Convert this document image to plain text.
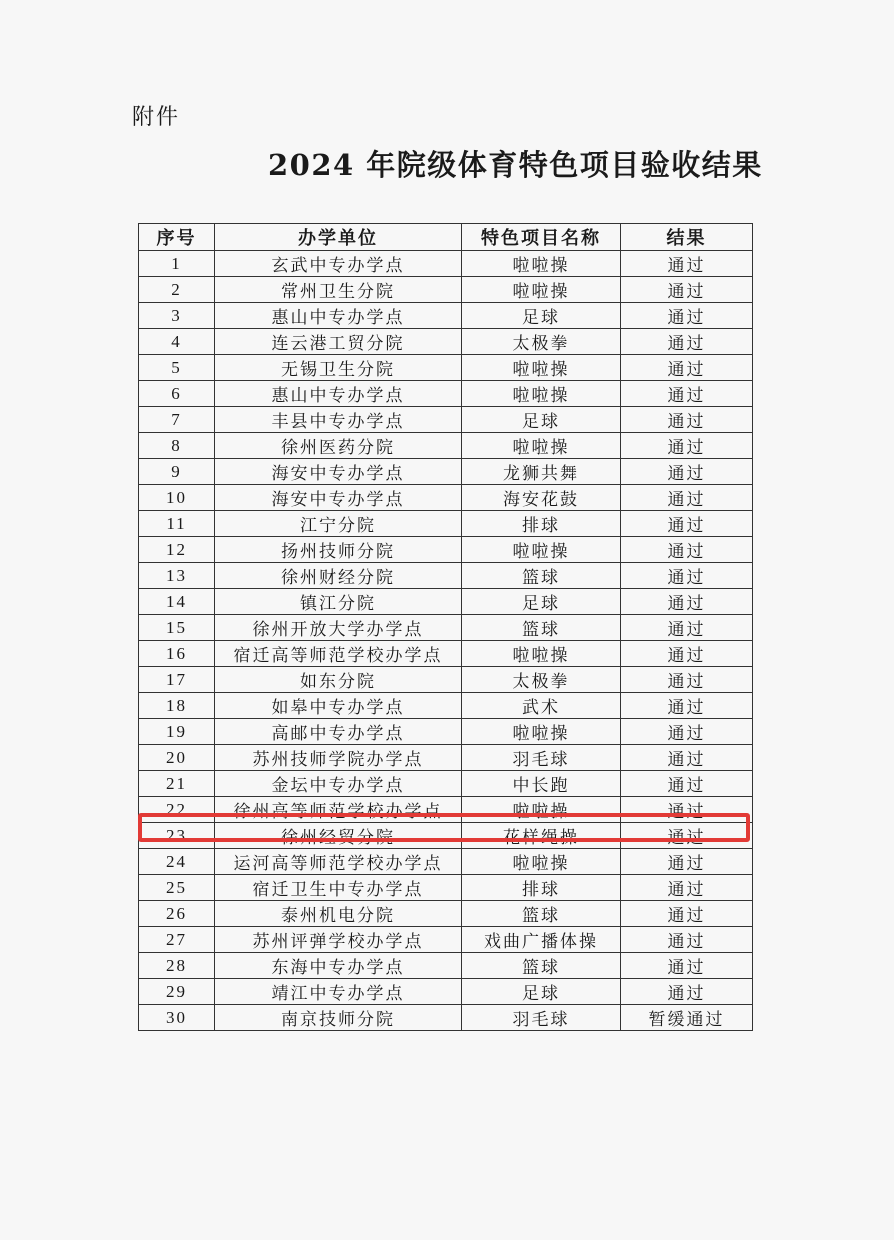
附件
2024 年院级体育特色项目验收结果
序号	办学单位	特色项目名称	结果
1	玄武中专办学点	啦啦操	通过
2	常州卫生分院	啦啦操	通过
3	惠山中专办学点	足球	通过
4	连云港工贸分院	太极拳	通过
5	无锡卫生分院	啦啦操	通过
6	惠山中专办学点	啦啦操	通过
7	丰县中专办学点	足球	通过
8	徐州医药分院	啦啦操	通过
9	海安中专办学点	龙狮共舞	通过
10	海安中专办学点	海安花鼓	通过
11	江宁分院	排球	通过
12	扬州技师分院	啦啦操	通过
13	徐州财经分院	篮球	通过
14	镇江分院	足球	通过
15	徐州开放大学办学点	篮球	通过
16	宿迁高等师范学校办学点	啦啦操	通过
17	如东分院	太极拳	通过
18	如皋中专办学点	武术	通过
19	高邮中专办学点	啦啦操	通过
20	苏州技师学院办学点	羽毛球	通过
21	金坛中专办学点	中长跑	通过
22	徐州高等师范学校办学点	啦啦操	通过
23	徐州经贸分院	花样绳操	通过
24	运河高等师范学校办学点	啦啦操	通过
25	宿迁卫生中专办学点	排球	通过
26	泰州机电分院	篮球	通过
27	苏州评弹学校办学点	戏曲广播体操	通过
28	东海中专办学点	篮球	通过
29	靖江中专办学点	足球	通过
30	南京技师分院	羽毛球	暂缓通过
